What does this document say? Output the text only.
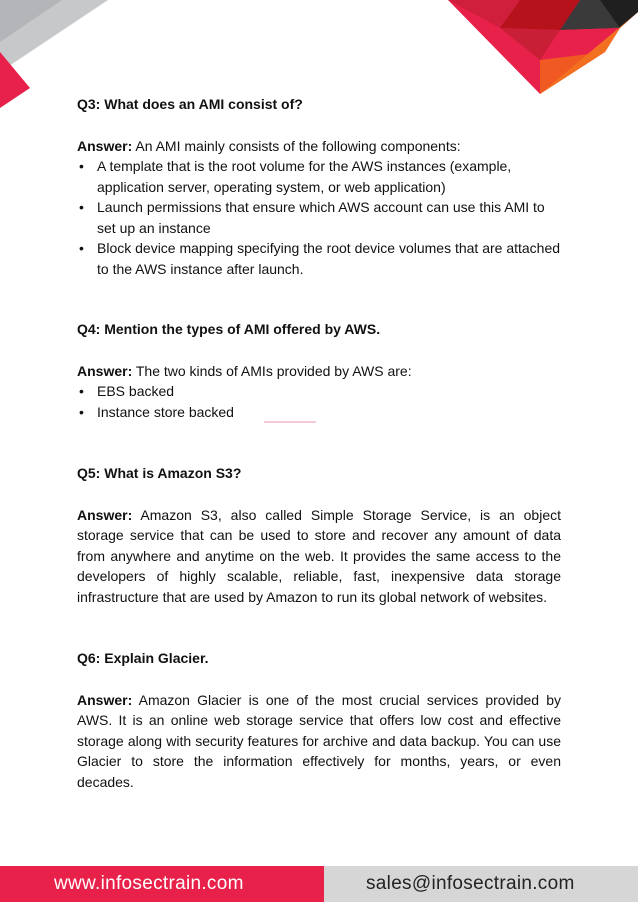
Q3: What does an AMI consist of?

Answer: An AMI mainly consists of the following components:

• A template that is the root volume for the AWS instances (example, application server, operating system, or web application)
• Launch permissions that ensure which AWS account can use this AMI to set up an instance
• Block device mapping specifying the root device volumes that are attached to the AWS instance after launch.

Q4: Mention the types of AMI offered by AWS.

Answer: The two kinds of AMIs provided by AWS are:

• EBS backed
• Instance store backed

Q5: What is Amazon S3?

Answer: Amazon S3, also called Simple Storage Service, is an object storage service that can be used to store and recover any amount of data from anywhere and anytime on the web. It provides the same access to the developers of highly scalable, reliable, fast, inexpensive data storage infrastructure that are used by Amazon to run its global network of websites.

Q6: Explain Glacier.

Answer: Amazon Glacier is one of the most crucial services provided by AWS. It is an online web storage service that offers low cost and effective storage along with security features for archive and data backup. You can use Glacier to store the information effectively for months, years, or even decades.

www.infosectrain.com	sales@infosectrain.com
